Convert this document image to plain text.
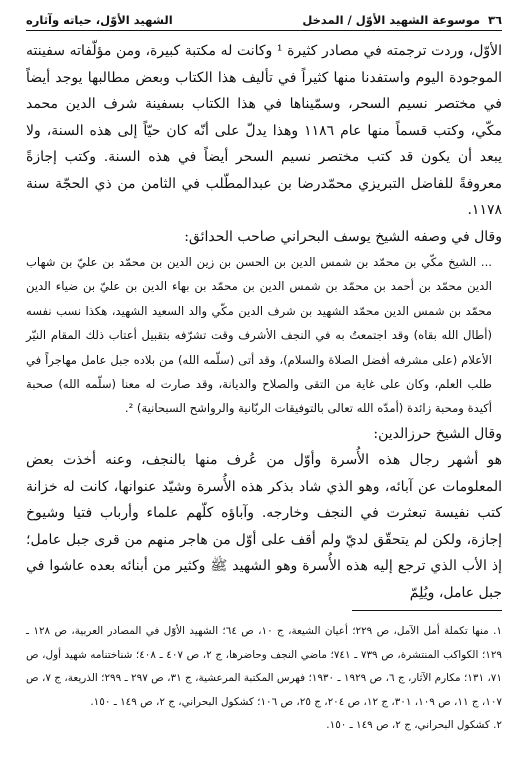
٣٦
موسوعة الشهيد الأوّل / المدخل
الشهيد الأوّل، حياته وآثاره

الأوّل، وردت ترجمته في مصادر كثيرة ¹ وكانت له مكتبة كبيرة، ومن مؤلّفاته سفينته الموجودة اليوم واستفدنا منها كثيراً في تأليف هذا الكتاب وبعض مطالبها يوجد أيضاً في مختصر نسيم السحر، وسمّيناها في هذا الكتاب بسفينة شرف الدين محمد مكّي، وكتب قسماً منها عام ١١٨٦ وهذا يدلّ على أنّه كان حيّاً إلى هذه السنة، ولا يبعد أن يكون قد كتب مختصر نسيم السحر أيضاً في هذه السنة. وكتب إجازةً معروفةً للفاضل التبريزي محمّدرضا بن عبدالمطّلب في الثامن من ذي الحجّة سنة ١١٧٨.

وقال في وصفه الشيخ يوسف البحراني صاحب الحدائق:

... الشيخ مكّي بن محمّد بن شمس الدين بن الحسن بن زين الدين بن محمّد بن عليّ بن شهاب الدين محمّد بن أحمد بن محمّد بن شمس الدين بن محمّد بن بهاء الدين بن عليّ بن ضياء الدين محمّد بن شمس الدين محمّد الشهيد بن شرف الدين مكّي والد السعيد الشهيد، هكذا نسب نفسه (أطال الله بقاه) وقد اجتمعتُ به في النجف الأشرف وقت تشرّفه بتقبيل أعتاب ذلك المقام النيّر الأعلام (على مشرفه أفضل الصلاة والسلام)، وقد أتى (سلّمه الله) من بلاده جبل عامل مهاجراً في طلب العلم، وكان على غاية من التقى والصلاح والديانة، وقد صارت له معنا (سلّمه الله) صحبة أكيدة ومحبة زائدة (أمدّه الله تعالى بالتوفيقات الربّانية والرواشح السبحانية) ².

وقال الشيخ حرزالدين:

هو أشهر رجال هذه الأُسرة وأوّل من عُرف منها بالنجف، وعنه أخذت بعض المعلومات عن آبائه، وهو الذي شاد بذكر هذه الأُسرة وشيّد عنوانها، كانت له خزانة كتب نفيسة تبعثرت في النجف وخارجه. وآباؤه كلّهم علماء وأرباب فتيا وشيوخ إجازة، ولكن لم يتحقّق لديّ ولم أقف على أوّل من هاجر منهم من قرى جبل عامل؛ إذ الأب الذي ترجع إليه هذه الأُسرة وهو الشهيد ﷺ وكثير من أبنائه بعده عاشوا في جبل عامل، ويُلِمّ

١. منها تكملة أمل الآمل، ص ٢٢٩؛ أعيان الشيعة، ج ١٠، ص ٦٤؛ الشهيد الأوّل في المصادر العربية، ص ١٢٨ ـ ١٢٩؛ الكواكب المنتشرة، ص ٧٣٩ ـ ٧٤١؛ ماضي النجف وحاضرها، ج ٢، ص ٤٠٧ ـ ٤٠٨؛ شناختنامه شهيد أول، ص ٧١، ١٣١؛ مكارم الآثار، ج ٦، ص ١٩٢٩ ـ ١٩٣٠؛ فهرس المكتبة المرعشية، ج ٣١، ص ٢٩٧ ـ ٢٩٩؛ الذريعة، ج ٧، ص ١٠٧، ج ١١، ص ١٠٩، ٣٠١، ج ١٢، ص ٢٠٤، ج ٢٥، ص ١٠٦؛ كشكول البحراني، ج ٢، ص ١٤٩ ـ ١٥٠.

٢. كشكول البحراني، ج ٢، ص ١٤٩ ـ ١٥٠.
